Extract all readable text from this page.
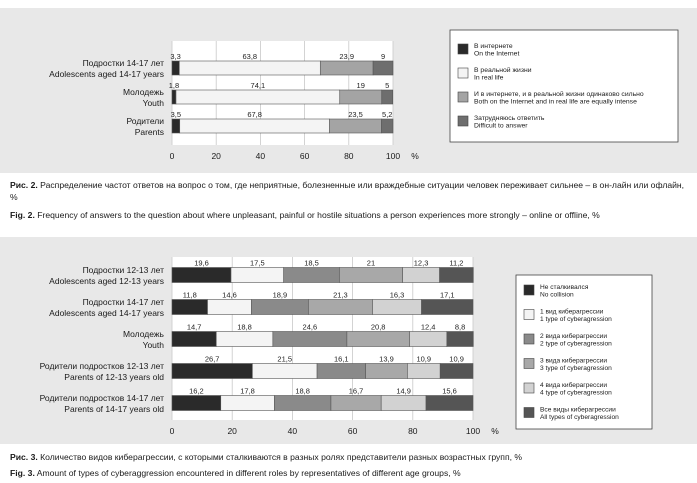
3,3	63,8	23,9	9
Подростки 14-17 лет
Adolescents aged 14-17 years
1,8	74,1	19	5
Молодежь
Youth
3,5	67,8	23,5	5,2
Родители
Parents
0	20	40	60	80	100 %
В интернете
On the Internet
В реальной жизни
In real life
И в интернете, и в реальной жизни одинаково сильно
Both on the Internet and in real life are equally intense
Затрудняюсь ответить
Difficult to answer
Рис. 2. Распределение частот ответов на вопрос о том, где неприятные, болезненные или враждебные ситуации человек переживает сильнее – в он-лайн или офлайн, %
Fig. 2. Frequency of answers to the question about where unpleasant, painful or hostile situations a person experiences more strongly – online or offline, %
19,6	17,5	18,5	21	12,3	11,2
Подростки 12-13 лет
Adolescents aged 12-13 years
11,8	14,6	18,9	21,3	16,3	17,1
Подростки 14-17 лет
Adolescents aged 14-17 years
14,7	18,8	24,6	20,8	12,4	8,8
Молодежь
Youth
26,7	21,5	16,1	13,9	10,9 10,9
Родители подростков 12-13 лет
Parents of 12-13 years old
16,2	17,8	18,8	16,7	14,9	15,6
Родители подростков 14-17 лет
Parents of 14-17 years old
0	20	40	60	80	100 %
Не сталкивался
No collision
1 вид киберагрессии
1 type of cyberagression
2 вида киберагрессии
2 type of cyberagression
3 вида киберагрессии
3 type of cyberagression
4 вида киберагрессии
4 type of cyberagression
Все виды киберагрессии
All types of cyberagression
Рис. 3. Количество видов киберагрессии, с которыми сталкиваются в разных ролях представители разных возрастных групп, %
Fig. 3. Amount of types of cyberaggression encountered in different roles by representatives of different age groups, %
